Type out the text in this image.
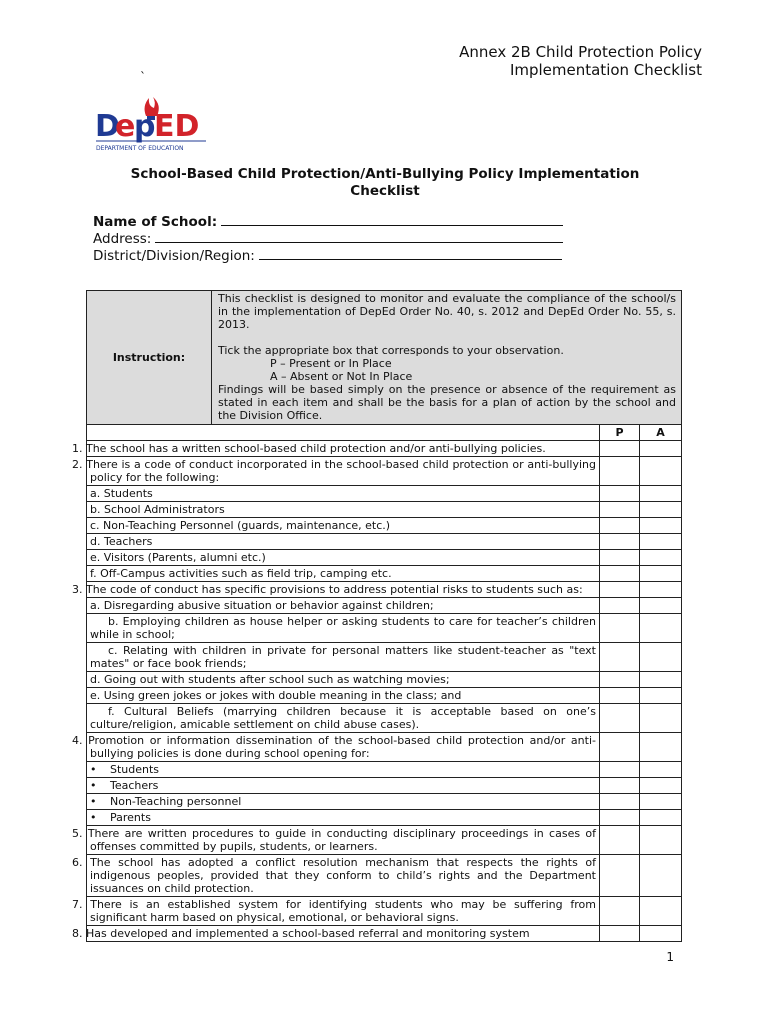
Annex 2B Child Protection Policy
Implementation Checklist
`
D
e
p
ED
DEPARTMENT OF EDUCATION
School-Based Child Protection/Anti-Bullying Policy Implementation
Checklist
Name of School:
Address:
District/Division/Region:
Instruction:	This checklist is designed to monitor and evaluate the compliance of the school/s in the implementation of DepEd Order No. 40, s. 2012 and DepEd Order No. 55, s. 2013.

Tick the appropriate box that corresponds to your observation.

P – Present or In Place

A – Absent or Not In Place

Findings will be based simply on the presence or absence of the requirement as stated in each item and shall be the basis for a plan of action by the school and the Division Office.		

		P	A
1. The school has a written school-based child protection and/or anti-bullying policies.			
2. There is a code of conduct incorporated in the school-based child protection or anti-bullying policy for the following:			
a. Students			
b. School Administrators			
c. Non-Teaching Personnel (guards, maintenance, etc.)			
d. Teachers			
e. Visitors (Parents, alumni etc.)			
f. Off-Campus activities such as field trip, camping etc.			
3. The code of conduct has specific provisions to address potential risks to students such as:			
a. Disregarding abusive situation or behavior against children;			
b. Employing children as house helper or asking students to care for teacher’s children while in school;			
c. Relating with children in private for personal matters like student-teacher as "text mates" or face book friends;			
d. Going out with students after school such as watching movies;			
e. Using green jokes or jokes with double meaning in the class; and			
f. Cultural Beliefs (marrying children because it is acceptable based on one’s culture/religion, amicable settlement on child abuse cases).			
4. Promotion or information dissemination of the school-based child protection and/or anti-bullying policies is done during school opening for:			
• Students			
• Teachers			
• Non-Teaching personnel			
• Parents			
5. There are written procedures to guide in conducting disciplinary proceedings in cases of offenses committed by pupils, students, or learners.			
6. The school has adopted a conflict resolution mechanism that respects the rights of indigenous peoples, provided that they conform to child’s rights and the Department issuances on child protection.			
7. There is an established system for identifying students who may be suffering from significant harm based on physical, emotional, or behavioral signs.			
8. Has developed and implemented a school-based referral and monitoring system			
1
